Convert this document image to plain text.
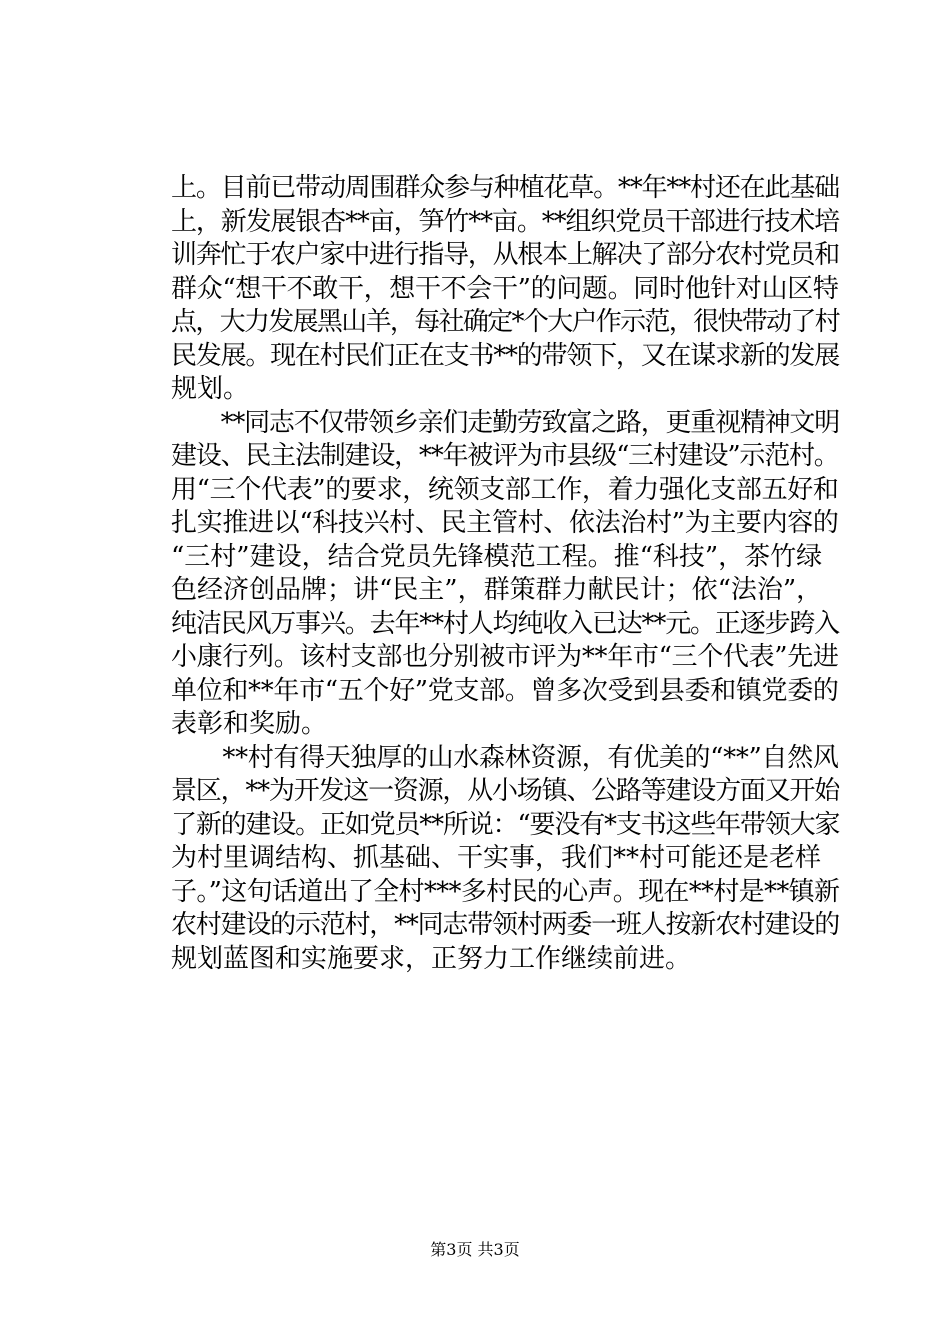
上。目前已带动周围群众参与种植花草。**年**村还在此基础
上，新发展银杏**亩，笋竹**亩。**组织党员干部进行技术培
训奔忙于农户家中进行指导，从根本上解决了部分农村党员和
群众“想干不敢干，想干不会干”的问题。同时他针对山区特
点，大力发展黑山羊，每社确定*个大户作示范，很快带动了村
民发展。现在村民们正在支书**的带领下，又在谋求新的发展
规划。
　　**同志不仅带领乡亲们走勤劳致富之路，更重视精神文明
建设、民主法制建设，**年被评为市县级“三村建设”示范村。
用“三个代表”的要求，统领支部工作，着力强化支部五好和
扎实推进以“科技兴村、民主管村、依法治村”为主要内容的
“三村”建设，结合党员先锋模范工程。推“科技”，茶竹绿
色经济创品牌；讲“民主”，群策群力献民计；依“法治”，
纯洁民风万事兴。去年**村人均纯收入已达**元。正逐步跨入
小康行列。该村支部也分别被市评为**年市“三个代表”先进
单位和**年市“五个好”党支部。曾多次受到县委和镇党委的
表彰和奖励。
　　**村有得天独厚的山水森林资源，有优美的“**”自然风
景区，**为开发这一资源，从小场镇、公路等建设方面又开始
了新的建设。正如党员**所说：“要没有*支书这些年带领大家
为村里调结构、抓基础、干实事，我们**村可能还是老样
子。”这句话道出了全村***多村民的心声。现在**村是**镇新
农村建设的示范村，**同志带领村两委一班人按新农村建设的
规划蓝图和实施要求，正努力工作继续前进。
第3页 共3页
